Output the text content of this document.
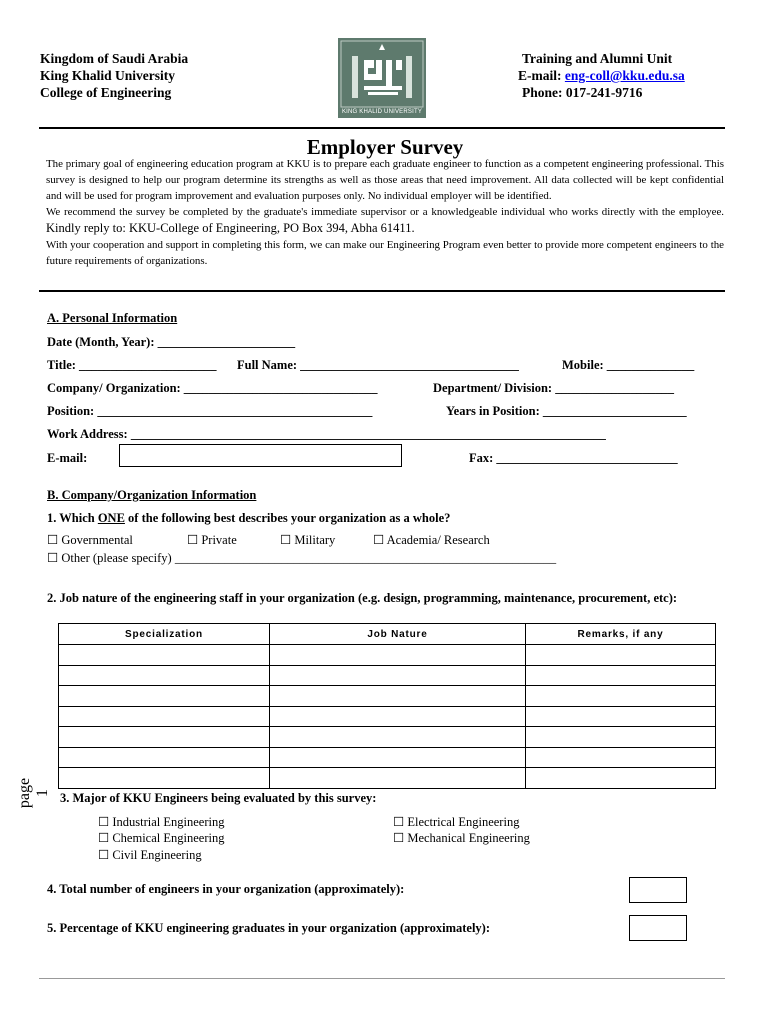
Kingdom of Saudi Arabia
King Khalid University
College of Engineering
KING KHALID UNIVERSITY
Training and Alumni Unit
E-mail: eng-coll@kku.edu.sa
Phone: 017-241-9716
Employer Survey

The primary goal of engineering education program at KKU is to prepare each graduate engineer to function as a competent engineering professional. This survey is designed to help our program determine its strengths as well as those areas that need improvement. All data collected will be kept confidential and will be used for program improvement and evaluation purposes only. No individual employer will be identified.

We recommend the survey be completed by the graduate's immediate supervisor or a knowledgeable individual who works directly with the employee. Kindly reply to: KKU-College of Engineering, PO Box 394, Abha 61411.

With your cooperation and support in completing this form, we can make our Engineering Program even better to provide more competent engineers to the future requirements of organizations.

A. Personal Information
Date (Month, Year): ______________________
Title: ______________________ Full Name: ___________________________________	Mobile: ______________
Company/ Organization: _______________________________	Department/ Division: ___________________
Position: ____________________________________________	Years in Position: _______________________
Work Address: ____________________________________________________________________________
E-mail:	Fax: _____________________________
B. Company/Organization Information
1. Which ONE of the following best describes your organization as a whole?
☐ Governmental	☐ Private	☐ Military	☐ Academia/ Research
☐ Other (please specify) _____________________________________________________________
2. Job nature of the engineering staff in your organization (e.g. design, programming, maintenance, procurement, etc):
Specialization	Job Nature	Remarks, if any

page 1 3. Major of KKU Engineers being evaluated by this survey:
☐ Industrial Engineering
☐ Chemical Engineering
☐ Civil Engineering
☐ Electrical Engineering
☐ Mechanical Engineering
4. Total number of engineers in your organization (approximately):
5. Percentage of KKU engineering graduates in your organization (approximately):
